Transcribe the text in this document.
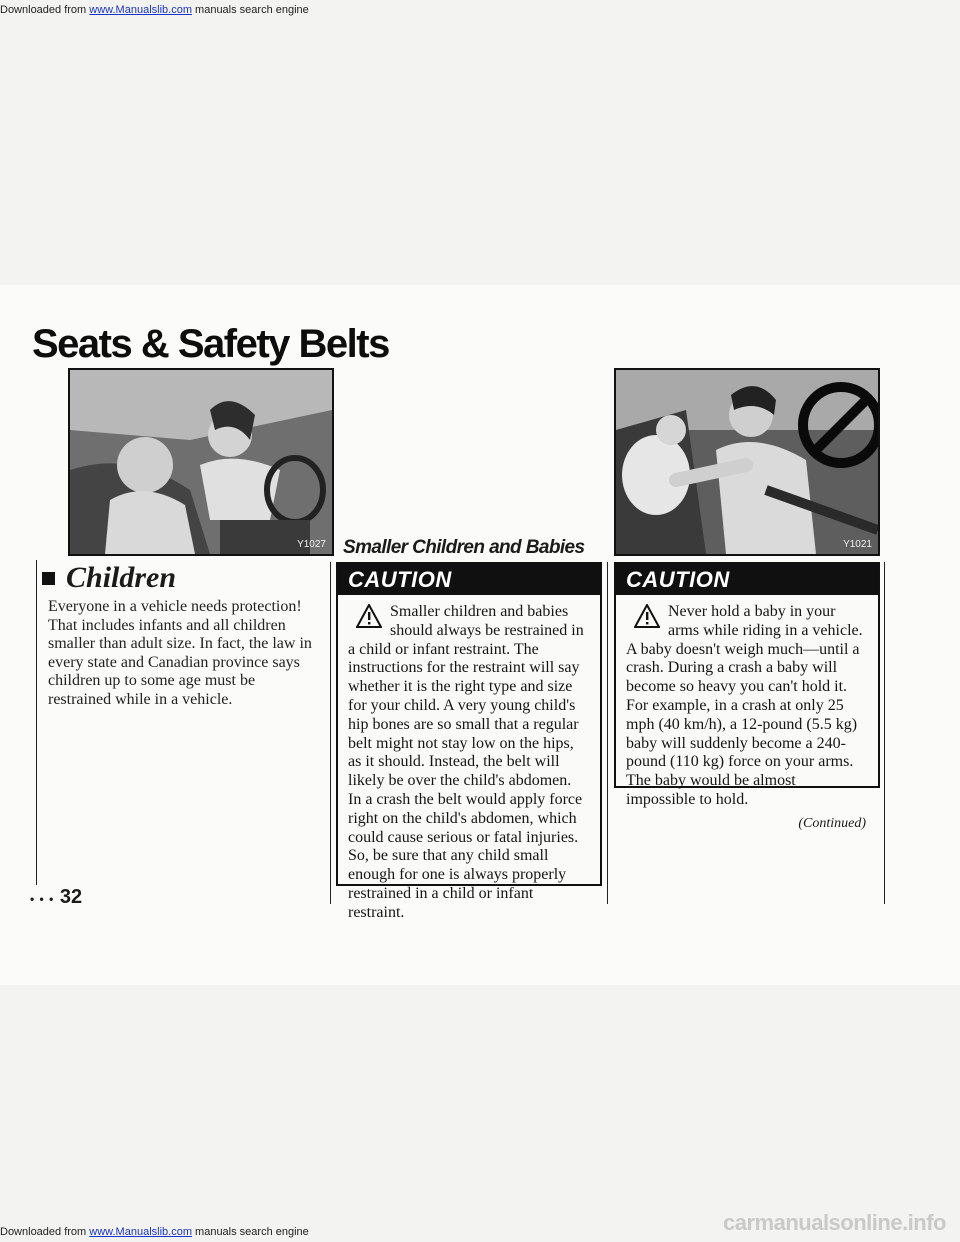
Downloaded from www.Manualslib.com manuals search engine
Downloaded from www.Manualslib.com manuals search engine
Seats & Safety Belts
Y1027 Smaller Children and Babies	Y1021
Children
Everyone in a vehicle needs protection! That includes infants and all children smaller than adult size. In fact, the law in every state and Canadian province says children up to some age must be restrained while in a vehicle.
CAUTION
Smaller children and babies should always be restrained in a child or infant restraint. The instructions for the restraint will say whether it is the right type and size for your child. A very young child's hip bones are so small that a regular belt might not stay low on the hips, as it should. Instead, the belt will likely be over the child's abdomen. In a crash the belt would apply force right on the child's abdomen, which could cause serious or fatal injuries. So, be sure that any child small enough for one is always properly restrained in a child or infant restraint.
CAUTION
Never hold a baby in your arms while riding in a vehicle. A baby doesn't weigh much—until a crash. During a crash a baby will become so heavy you can't hold it. For example, in a crash at only 25 mph (40 km/h), a 12-pound (5.5 kg) baby will suddenly become a 240-pound (110 kg) force on your arms. The baby would be almost impossible to hold.
(Continued)
• • • 32
carmanualsonline.info
